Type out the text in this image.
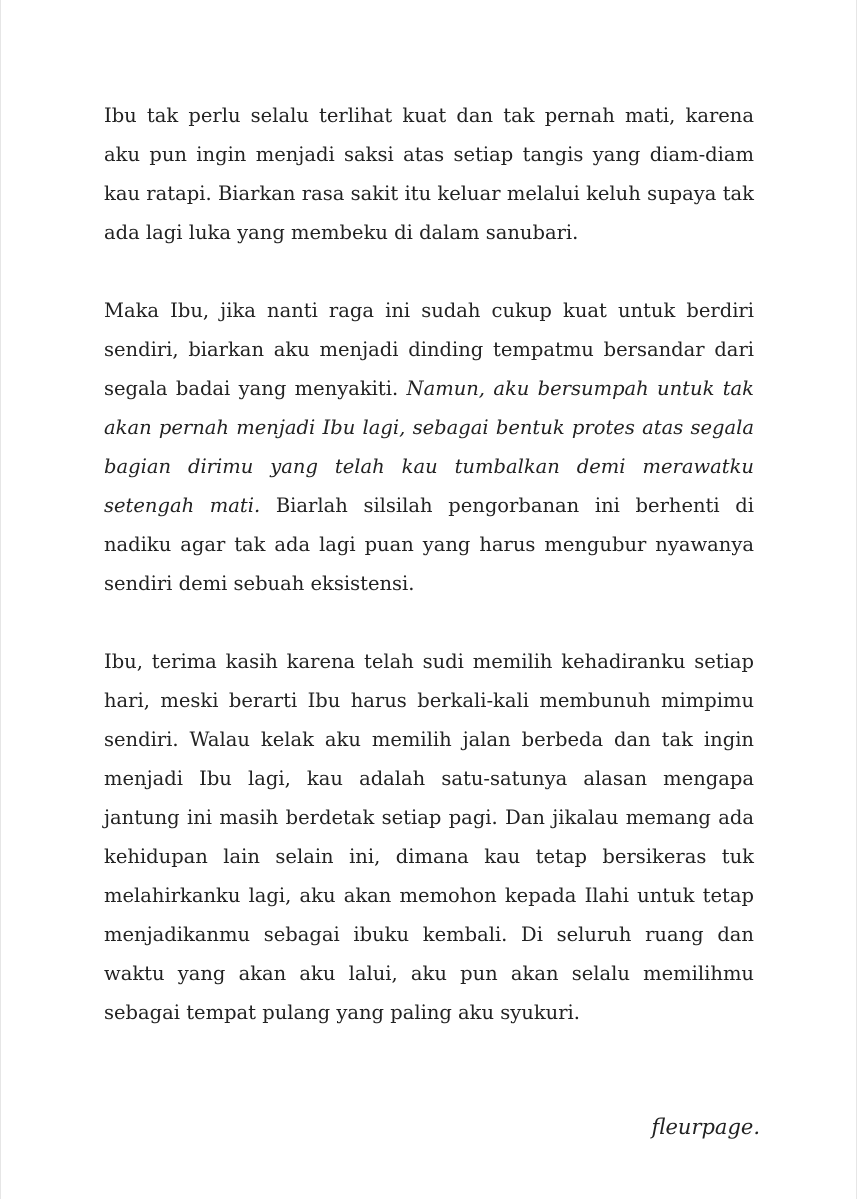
Ibu tak perlu selalu terlihat kuat dan tak pernah mati, karena aku pun ingin menjadi saksi atas setiap tangis yang diam-diam kau ratapi. Biarkan rasa sakit itu keluar melalui keluh supaya tak ada lagi luka yang membeku di dalam sanubari.

Maka Ibu, jika nanti raga ini sudah cukup kuat untuk berdiri sendiri, biarkan aku menjadi dinding tempatmu bersandar dari segala badai yang menyakiti. Namun, aku bersumpah untuk tak akan pernah menjadi Ibu lagi, sebagai bentuk protes atas segala bagian dirimu yang telah kau tumbalkan demi merawatku setengah mati. Biarlah silsilah pengorbanan ini berhenti di nadiku agar tak ada lagi puan yang harus mengubur nyawanya sendiri demi sebuah eksistensi.

Ibu, terima kasih karena telah sudi memilih kehadiranku setiap hari, meski berarti Ibu harus berkali-kali membunuh mimpimu sendiri. Walau kelak aku memilih jalan berbeda dan tak ingin menjadi Ibu lagi, kau adalah satu-satunya alasan mengapa jantung ini masih berdetak setiap pagi. Dan jikalau memang ada kehidupan lain selain ini, dimana kau tetap bersikeras tuk melahirkanku lagi, aku akan memohon kepada Ilahi untuk tetap menjadikanmu sebagai ibuku kembali. Di seluruh ruang dan waktu yang akan aku lalui, aku pun akan selalu memilihmu sebagai tempat pulang yang paling aku syukuri.

fleurpage.
